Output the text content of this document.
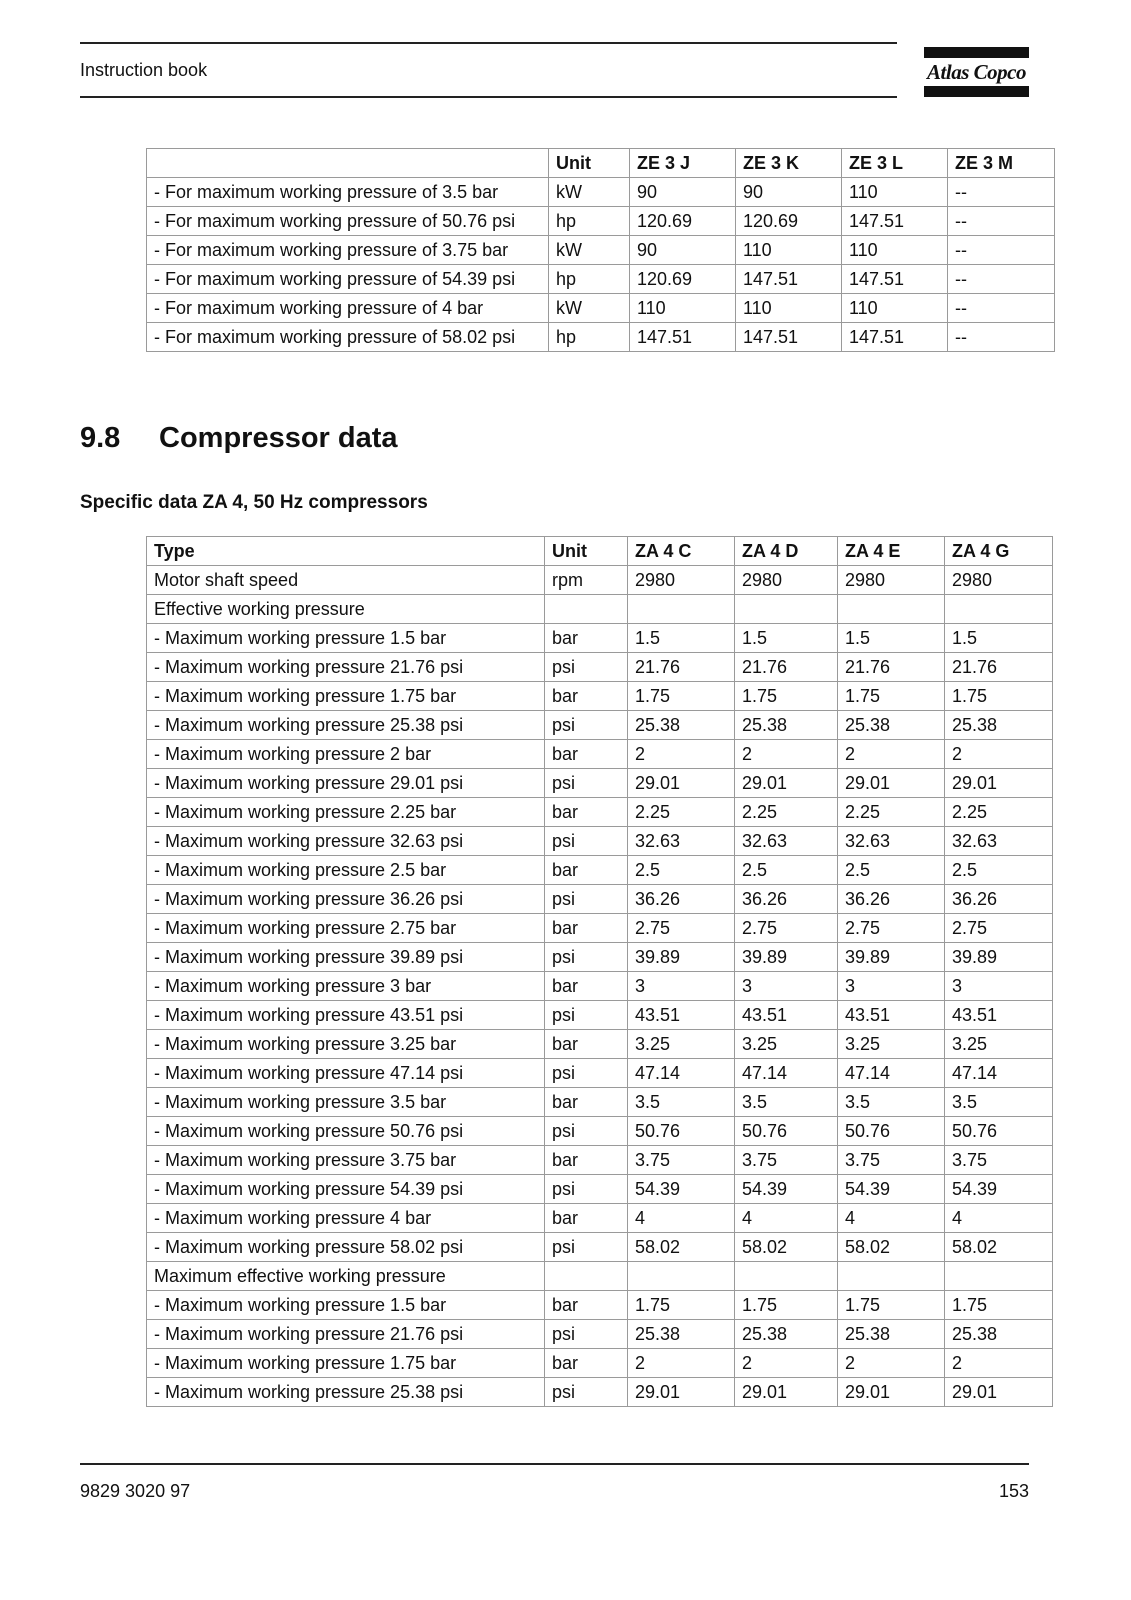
Instruction book	Atlas Copco
	Unit	ZE 3 J	ZE 3 K	ZE 3 L	ZE 3 M
- For maximum working pressure of 3.5 bar	kW	90	90	110	--
- For maximum working pressure of 50.76 psi	hp	120.69	120.69	147.51	--
- For maximum working pressure of 3.75 bar	kW	90	110	110	--
- For maximum working pressure of 54.39 psi	hp	120.69	147.51	147.51	--
- For maximum working pressure of 4 bar	kW	110	110	110	--
- For maximum working pressure of 58.02 psi	hp	147.51	147.51	147.51	--
9.8 Compressor data
Specific data ZA 4, 50 Hz compressors
Type	Unit	ZA 4 C	ZA 4 D	ZA 4 E	ZA 4 G
Motor shaft speed	rpm	2980	2980	2980	2980
Effective working pressure					
- Maximum working pressure 1.5 bar	bar	1.5	1.5	1.5	1.5
- Maximum working pressure 21.76 psi	psi	21.76	21.76	21.76	21.76
- Maximum working pressure 1.75 bar	bar	1.75	1.75	1.75	1.75
- Maximum working pressure 25.38 psi	psi	25.38	25.38	25.38	25.38
- Maximum working pressure 2 bar	bar	2	2	2	2
- Maximum working pressure 29.01 psi	psi	29.01	29.01	29.01	29.01
- Maximum working pressure 2.25 bar	bar	2.25	2.25	2.25	2.25
- Maximum working pressure 32.63 psi	psi	32.63	32.63	32.63	32.63
- Maximum working pressure 2.5 bar	bar	2.5	2.5	2.5	2.5
- Maximum working pressure 36.26 psi	psi	36.26	36.26	36.26	36.26
- Maximum working pressure 2.75 bar	bar	2.75	2.75	2.75	2.75
- Maximum working pressure 39.89 psi	psi	39.89	39.89	39.89	39.89
- Maximum working pressure 3 bar	bar	3	3	3	3
- Maximum working pressure 43.51 psi	psi	43.51	43.51	43.51	43.51
- Maximum working pressure 3.25 bar	bar	3.25	3.25	3.25	3.25
- Maximum working pressure 47.14 psi	psi	47.14	47.14	47.14	47.14
- Maximum working pressure 3.5 bar	bar	3.5	3.5	3.5	3.5
- Maximum working pressure 50.76 psi	psi	50.76	50.76	50.76	50.76
- Maximum working pressure 3.75 bar	bar	3.75	3.75	3.75	3.75
- Maximum working pressure 54.39 psi	psi	54.39	54.39	54.39	54.39
- Maximum working pressure 4 bar	bar	4	4	4	4
- Maximum working pressure 58.02 psi	psi	58.02	58.02	58.02	58.02
Maximum effective working pressure					
- Maximum working pressure 1.5 bar	bar	1.75	1.75	1.75	1.75
- Maximum working pressure 21.76 psi	psi	25.38	25.38	25.38	25.38
- Maximum working pressure 1.75 bar	bar	2	2	2	2
- Maximum working pressure 25.38 psi	psi	29.01	29.01	29.01	29.01
9829 3020 97	153
